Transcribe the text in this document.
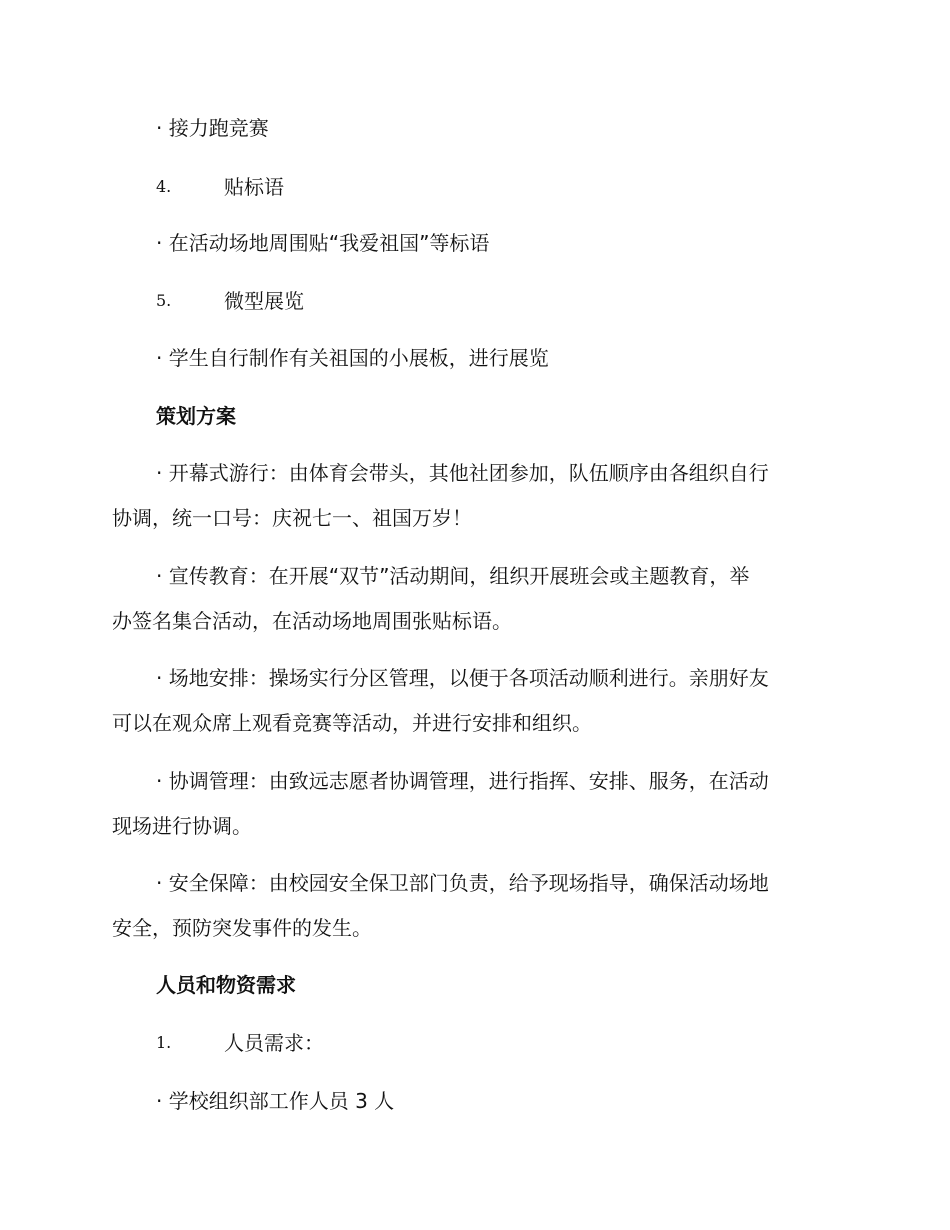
· 接力跑竞赛
4.	贴标语
· 在活动场地周围贴“我爱祖国”等标语
5.	微型展览
· 学生自行制作有关祖国的小展板，进行展览
策划方案
· 开幕式游行：由体育会带头，其他社团参加，队伍顺序由各组织自行
协调，统一口号：庆祝七一、祖国万岁！
· 宣传教育：在开展“双节”活动期间，组织开展班会或主题教育，举
办签名集合活动，在活动场地周围张贴标语。
· 场地安排：操场实行分区管理，以便于各项活动顺利进行。亲朋好友
可以在观众席上观看竞赛等活动，并进行安排和组织。
· 协调管理：由致远志愿者协调管理，进行指挥、安排、服务，在活动
现场进行协调。
· 安全保障：由校园安全保卫部门负责，给予现场指导，确保活动场地
安全，预防突发事件的发生。
人员和物资需求
1.	人员需求：
· 学校组织部工作人员 3 人
